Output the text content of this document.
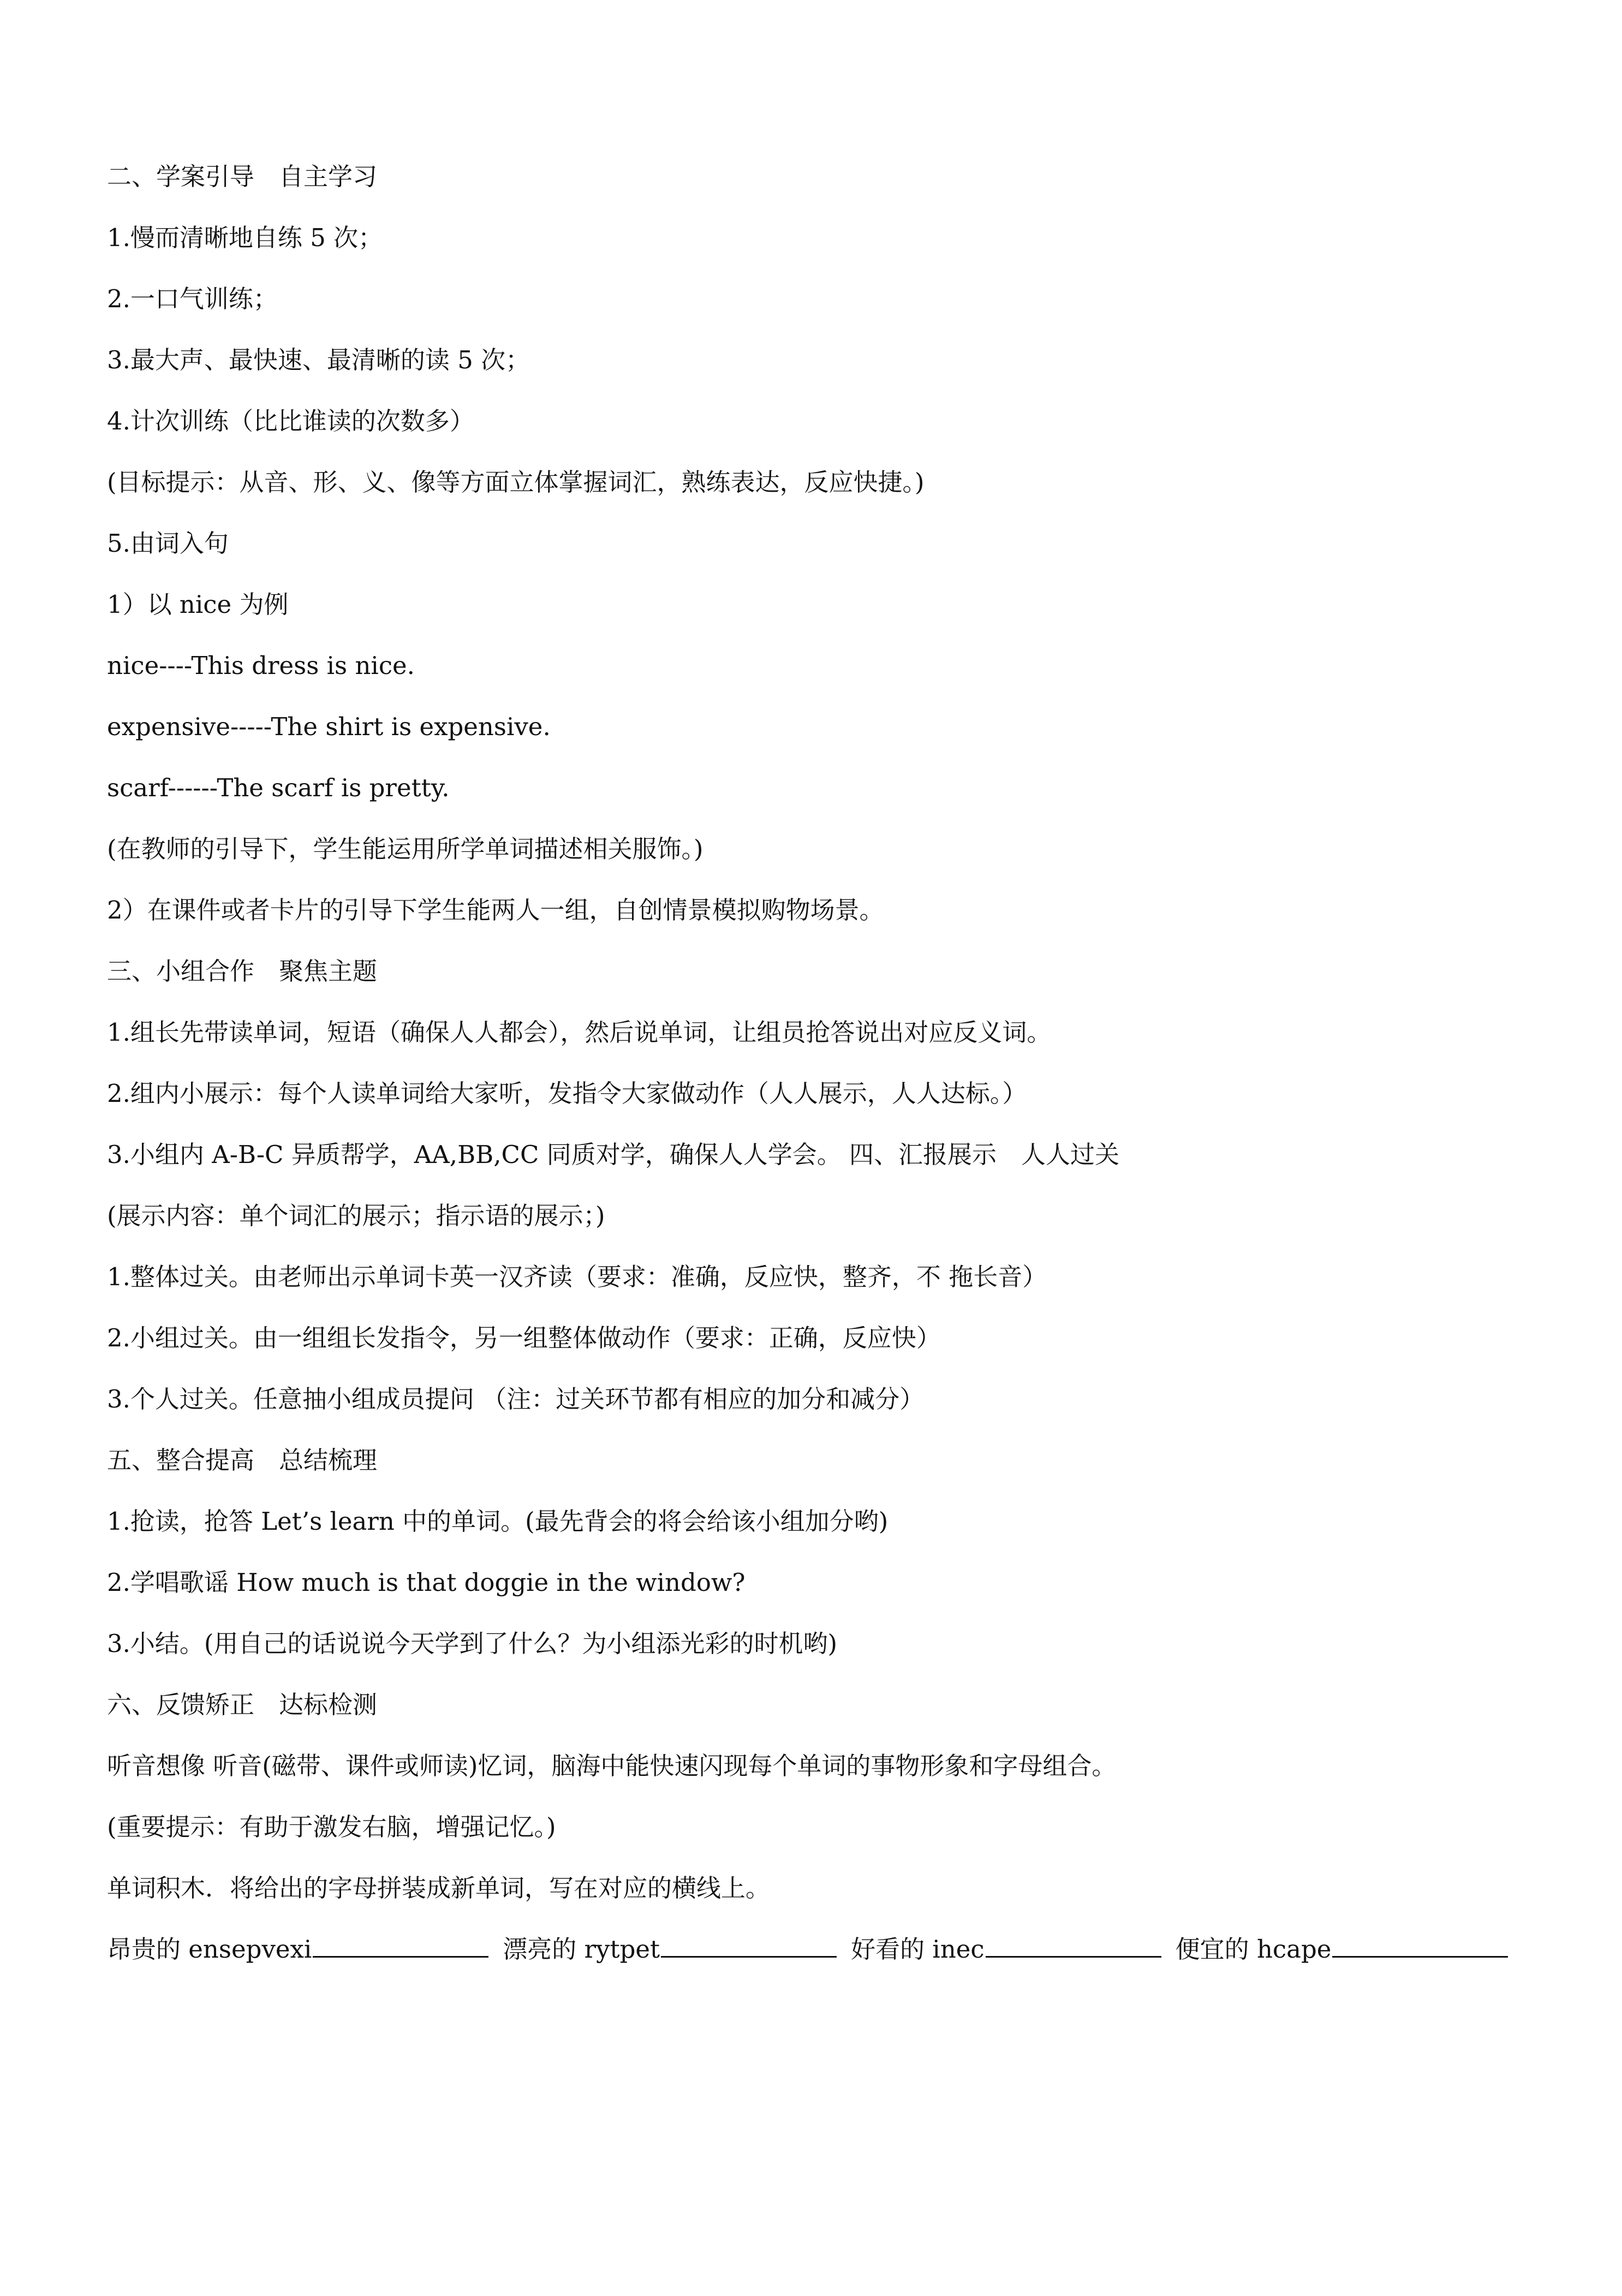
二、学案引导　自主学习
1.慢而清晰地自练 5 次；
2.一口气训练；
3.最大声、最快速、最清晰的读 5 次；
4.计次训练（比比谁读的次数多）
(目标提示：从音、形、义、像等方面立体掌握词汇，熟练表达，反应快捷。)
5.由词入句
1）以 nice 为例
nice----This dress is nice.
expensive-----The shirt is expensive.
scarf------The scarf is pretty.
(在教师的引导下，学生能运用所学单词描述相关服饰。)
2）在课件或者卡片的引导下学生能两人一组，自创情景模拟购物场景。
三、小组合作　聚焦主题
1.组长先带读单词，短语（确保人人都会），然后说单词，让组员抢答说出对应反义词。
2.组内小展示：每个人读单词给大家听，发指令大家做动作（人人展示，人人达标。）
3.小组内 A-B-C 异质帮学，AA,BB,CC 同质对学，确保人人学会。 四、汇报展示　人人过关
(展示内容：单个词汇的展示；指示语的展示；)
1.整体过关。由老师出示单词卡英一汉齐读（要求：准确，反应快，整齐，不 拖长音）
2.小组过关。由一组组长发指令，另一组整体做动作（要求：正确，反应快）
3.个人过关。任意抽小组成员提问 （注：过关环节都有相应的加分和减分）
五、整合提高　总结梳理
1.抢读，抢答 Let’s learn 中的单词。(最先背会的将会给该小组加分哟)
2.学唱歌谣 How much is that doggie in the window?
3.小结。(用自己的话说说今天学到了什么？为小组添光彩的时机哟)
六、反馈矫正　达标检测
听音想像 听音(磁带、课件或师读)忆词，脑海中能快速闪现每个单词的事物形象和字母组合。
(重要提示：有助于激发右脑，增强记忆。)
单词积木．将给出的字母拼装成新单词，写在对应的横线上。
昂贵的 ensepvexi	漂亮的 rytpet	好看的 inec	便宜的 hcape
